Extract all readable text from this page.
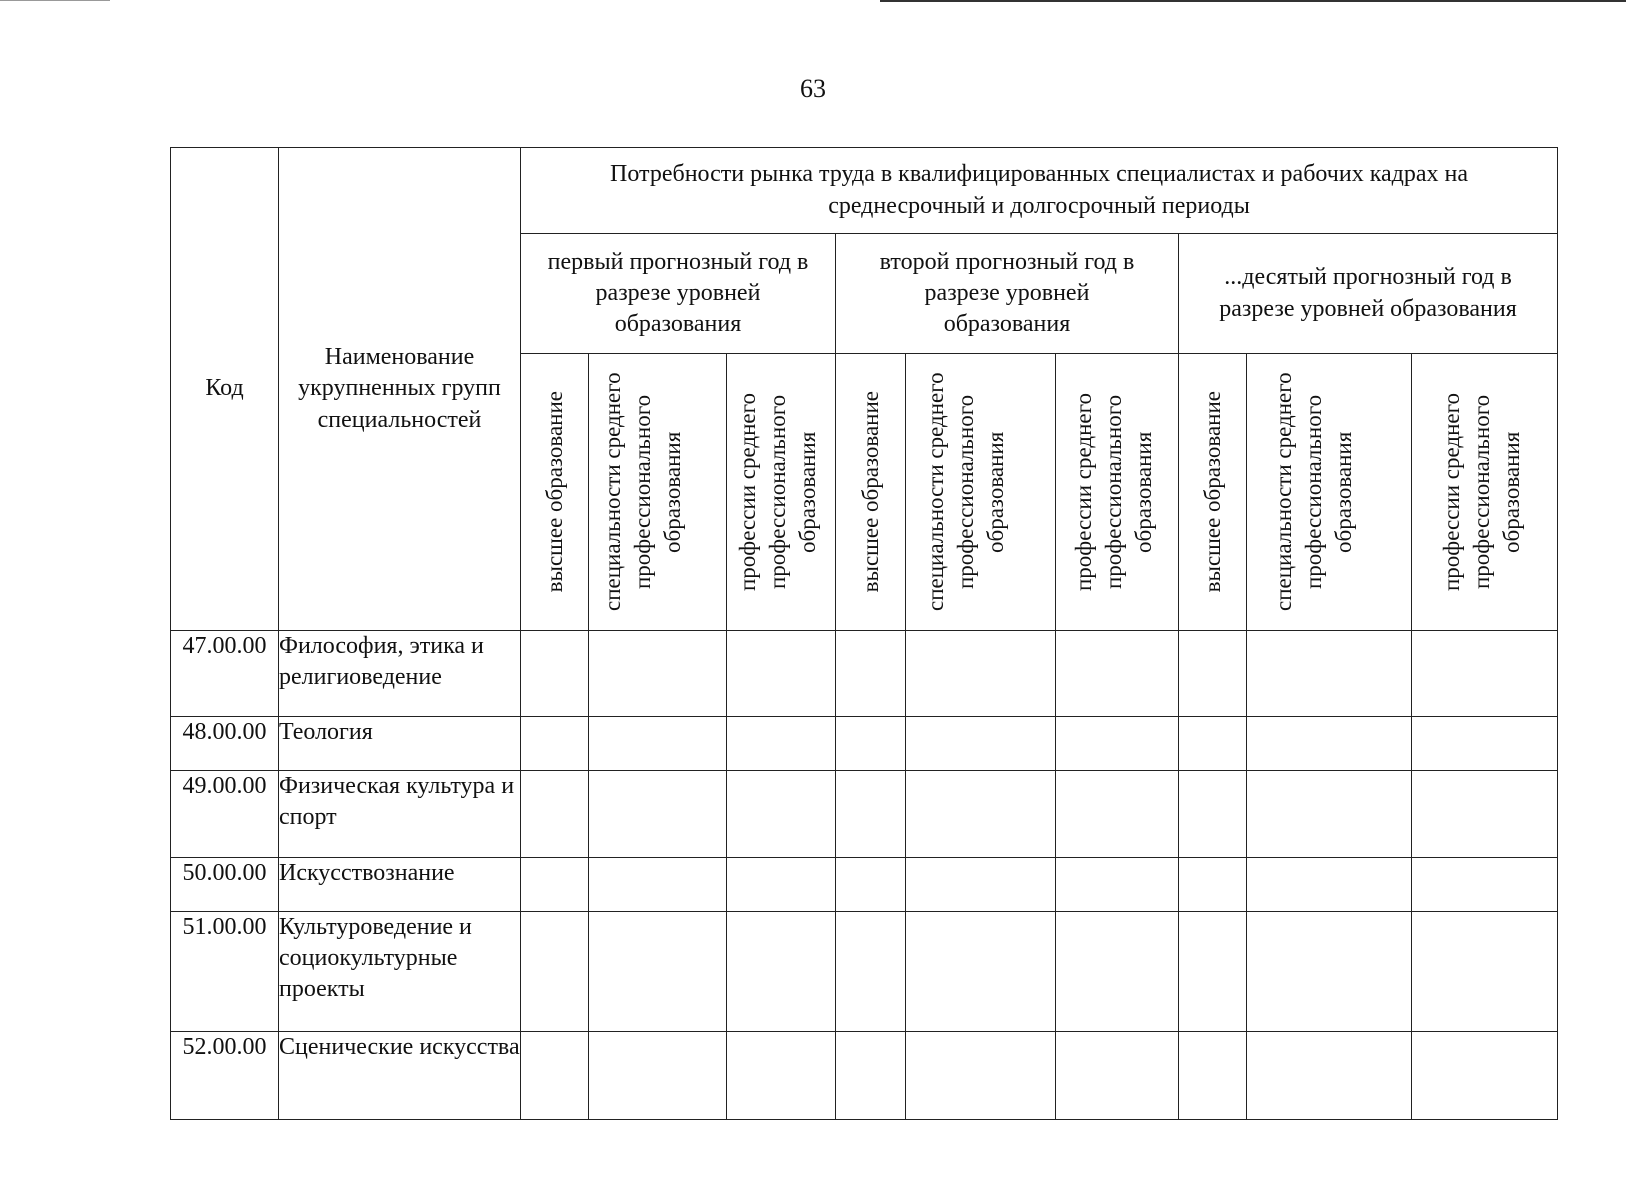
63
Код	Наименование укрупненных групп специальностей	Потребности рынка труда в квалифицированных специалистах и рабочих кадрах на среднесрочный и долгосрочный периоды								
		первый прогнозный год в разрезе уровней образования			второй прогнозный год в разрезе уровней образования			...десятый прогнозный год в разрезе уровней образования		

		высшее образование	специальности среднего профессионального образования	профессии среднего профессионального образования	высшее образование	специальности среднего профессионального образования	профессии среднего профессионального образования	высшее образование	специальности среднего профессионального образования	профессии среднего профессионального образования

47.00.00	Философия, этика и религиоведение									
48.00.00	Теология									
49.00.00	Физическая культура и спорт									
50.00.00	Искусствознание									
51.00.00	Культуроведение и социокультурные проекты									
52.00.00	Сценические искусства									
